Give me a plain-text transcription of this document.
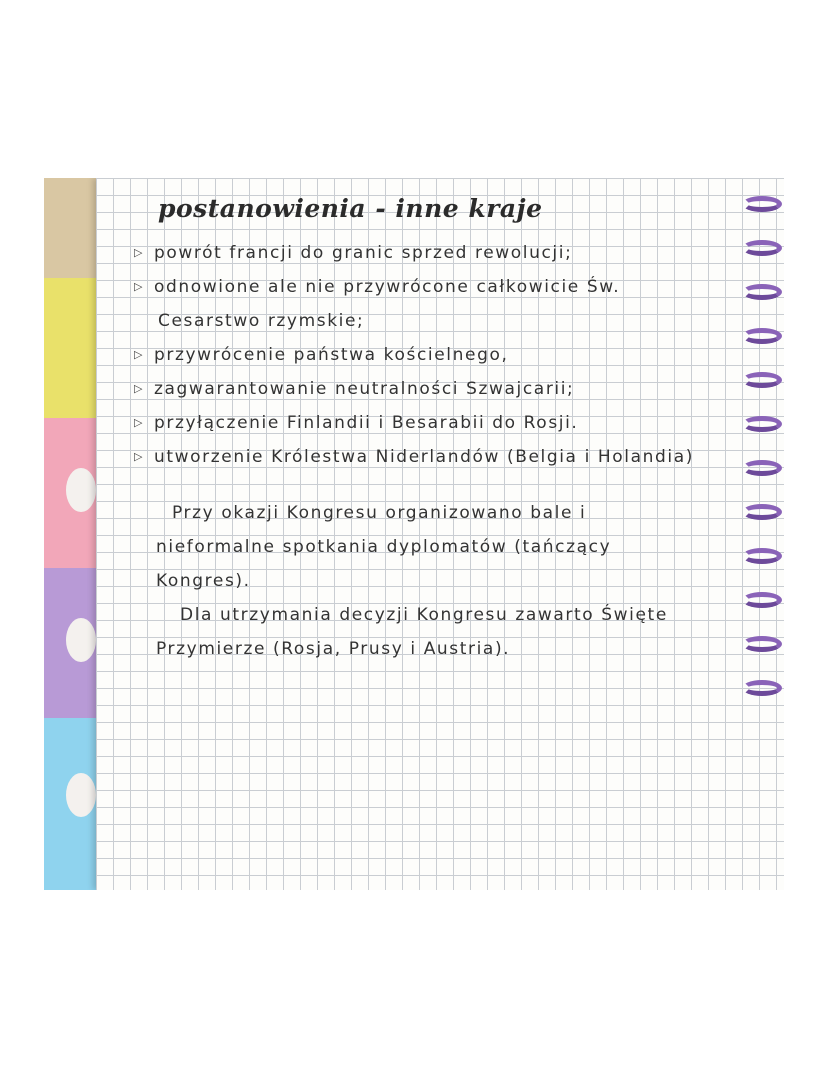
postanowienia - inne kraje
▷ powrót francji do granic sprzed rewolucji;
▷ odnowione ale nie przywrócone całkowicie Św.
Cesarstwo rzymskie;
▷ przywrócenie państwa kościelnego,
▷ zagwarantowanie neutralności Szwajcarii;
▷ przyłączenie Finlandii i Besarabii do Rosji.
▷ utworzenie Królestwa Niderlandów (Belgia i Holandia)
Przy okazji Kongresu organizowano bale i
nieformalne spotkania dyplomatów (tańczący
Kongres).
Dla utrzymania decyzji Kongresu zawarto Święte
Przymierze (Rosja, Prusy i Austria).
